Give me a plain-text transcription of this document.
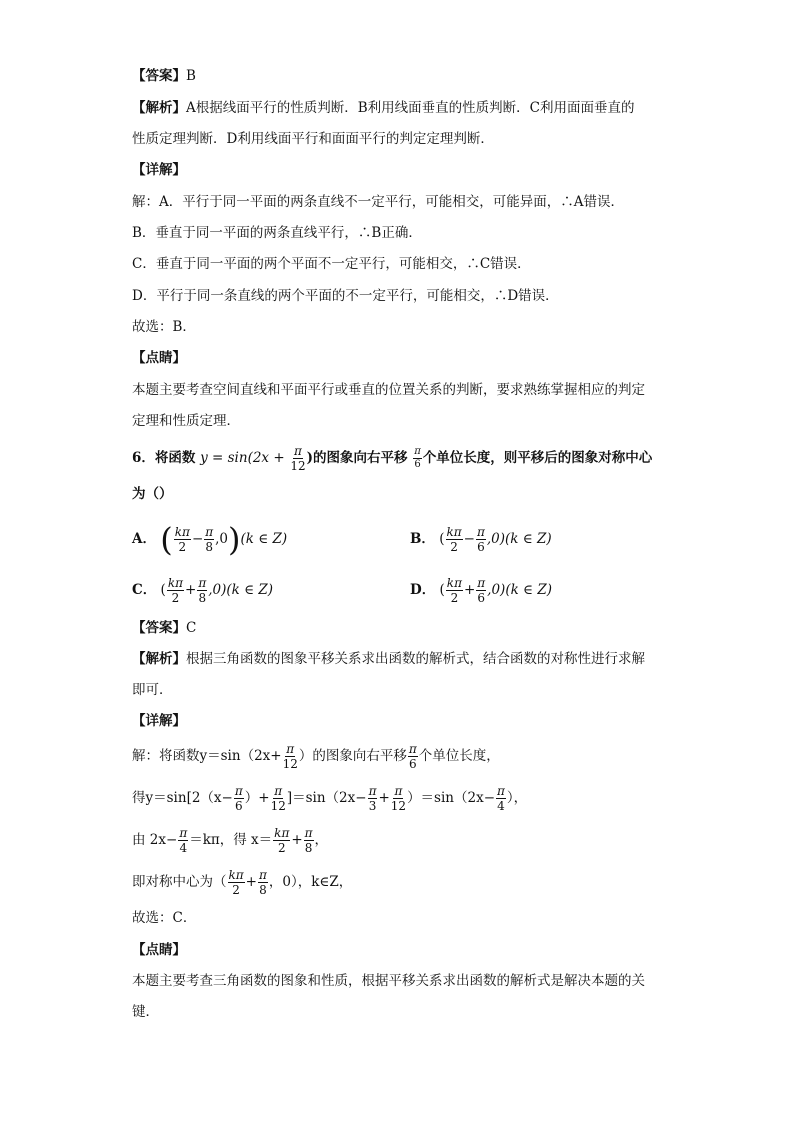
【答案】B
【解析】A根据线面平行的性质判断．B利用线面垂直的性质判断．C利用面面垂直的
性质定理判断．D利用线面平行和面面平行的判定定理判断．
【详解】
解：A．平行于同一平面的两条直线不一定平行，可能相交，可能异面，∴A错误．
B．垂直于同一平面的两条直线平行，∴B正确．
C．垂直于同一平面的两个平面不一定平行，可能相交，∴C错误．
D．平行于同一条直线的两个平面的不一定平行，可能相交，∴D错误．
故选：B．
【点睛】
本题主要考查空间直线和平面平行或垂直的位置关系的判断，要求熟练掌握相应的判定
定理和性质定理．
6．将函数 $y = \sin(2x + \frac{\pi}{12}$ )的图象向右平移 $\frac{\pi}{6}$ 个单位长度，则平移后的图象对称中心
为（）
A． ( $\frac{k\pi}{2} - \frac{\pi}{8} ,0)(k$ ∈ Z)	B． ( $\frac{k\pi}{2} - \frac{\pi}{6} ,0)(k$ ∈ Z)
C． ( $\frac{k\pi}{2} + \frac{\pi}{8} ,0)(k$ ∈ Z)	D． ( $\frac{k\pi}{2} + \frac{\pi}{6} ,0)(k$ ∈ Z)
【答案】C
【解析】根据三角函数的图象平移关系求出函数的解析式，结合函数的对称性进行求解
即可．
【详解】
解：将函数$y=\sin(2x+ \frac{\pi}{12}$ ）的图象向右平移 $\frac{\pi}{6}$ 个单位长度，
得$y=\sin[2(x- \frac{\pi}{6}$ ）+ $\frac{\pi}{12} ]=\sin(2x- \frac{\pi}{3} + \frac{\pi}{12} )=\sin(2x- \frac{\pi}{4}$ ），
由 $2x- \frac{\pi}{4} =k\pi$，得 $x= \frac{k\pi}{2} + \frac{\pi}{8}$ ，
即对称中心为（ $\frac{k\pi}{2} + \frac{\pi}{8}$ ，0），k∈Z，
故选：C．
【点睛】
本题主要考查三角函数的图象和性质，根据平移关系求出函数的解析式是解决本题的关
键．
